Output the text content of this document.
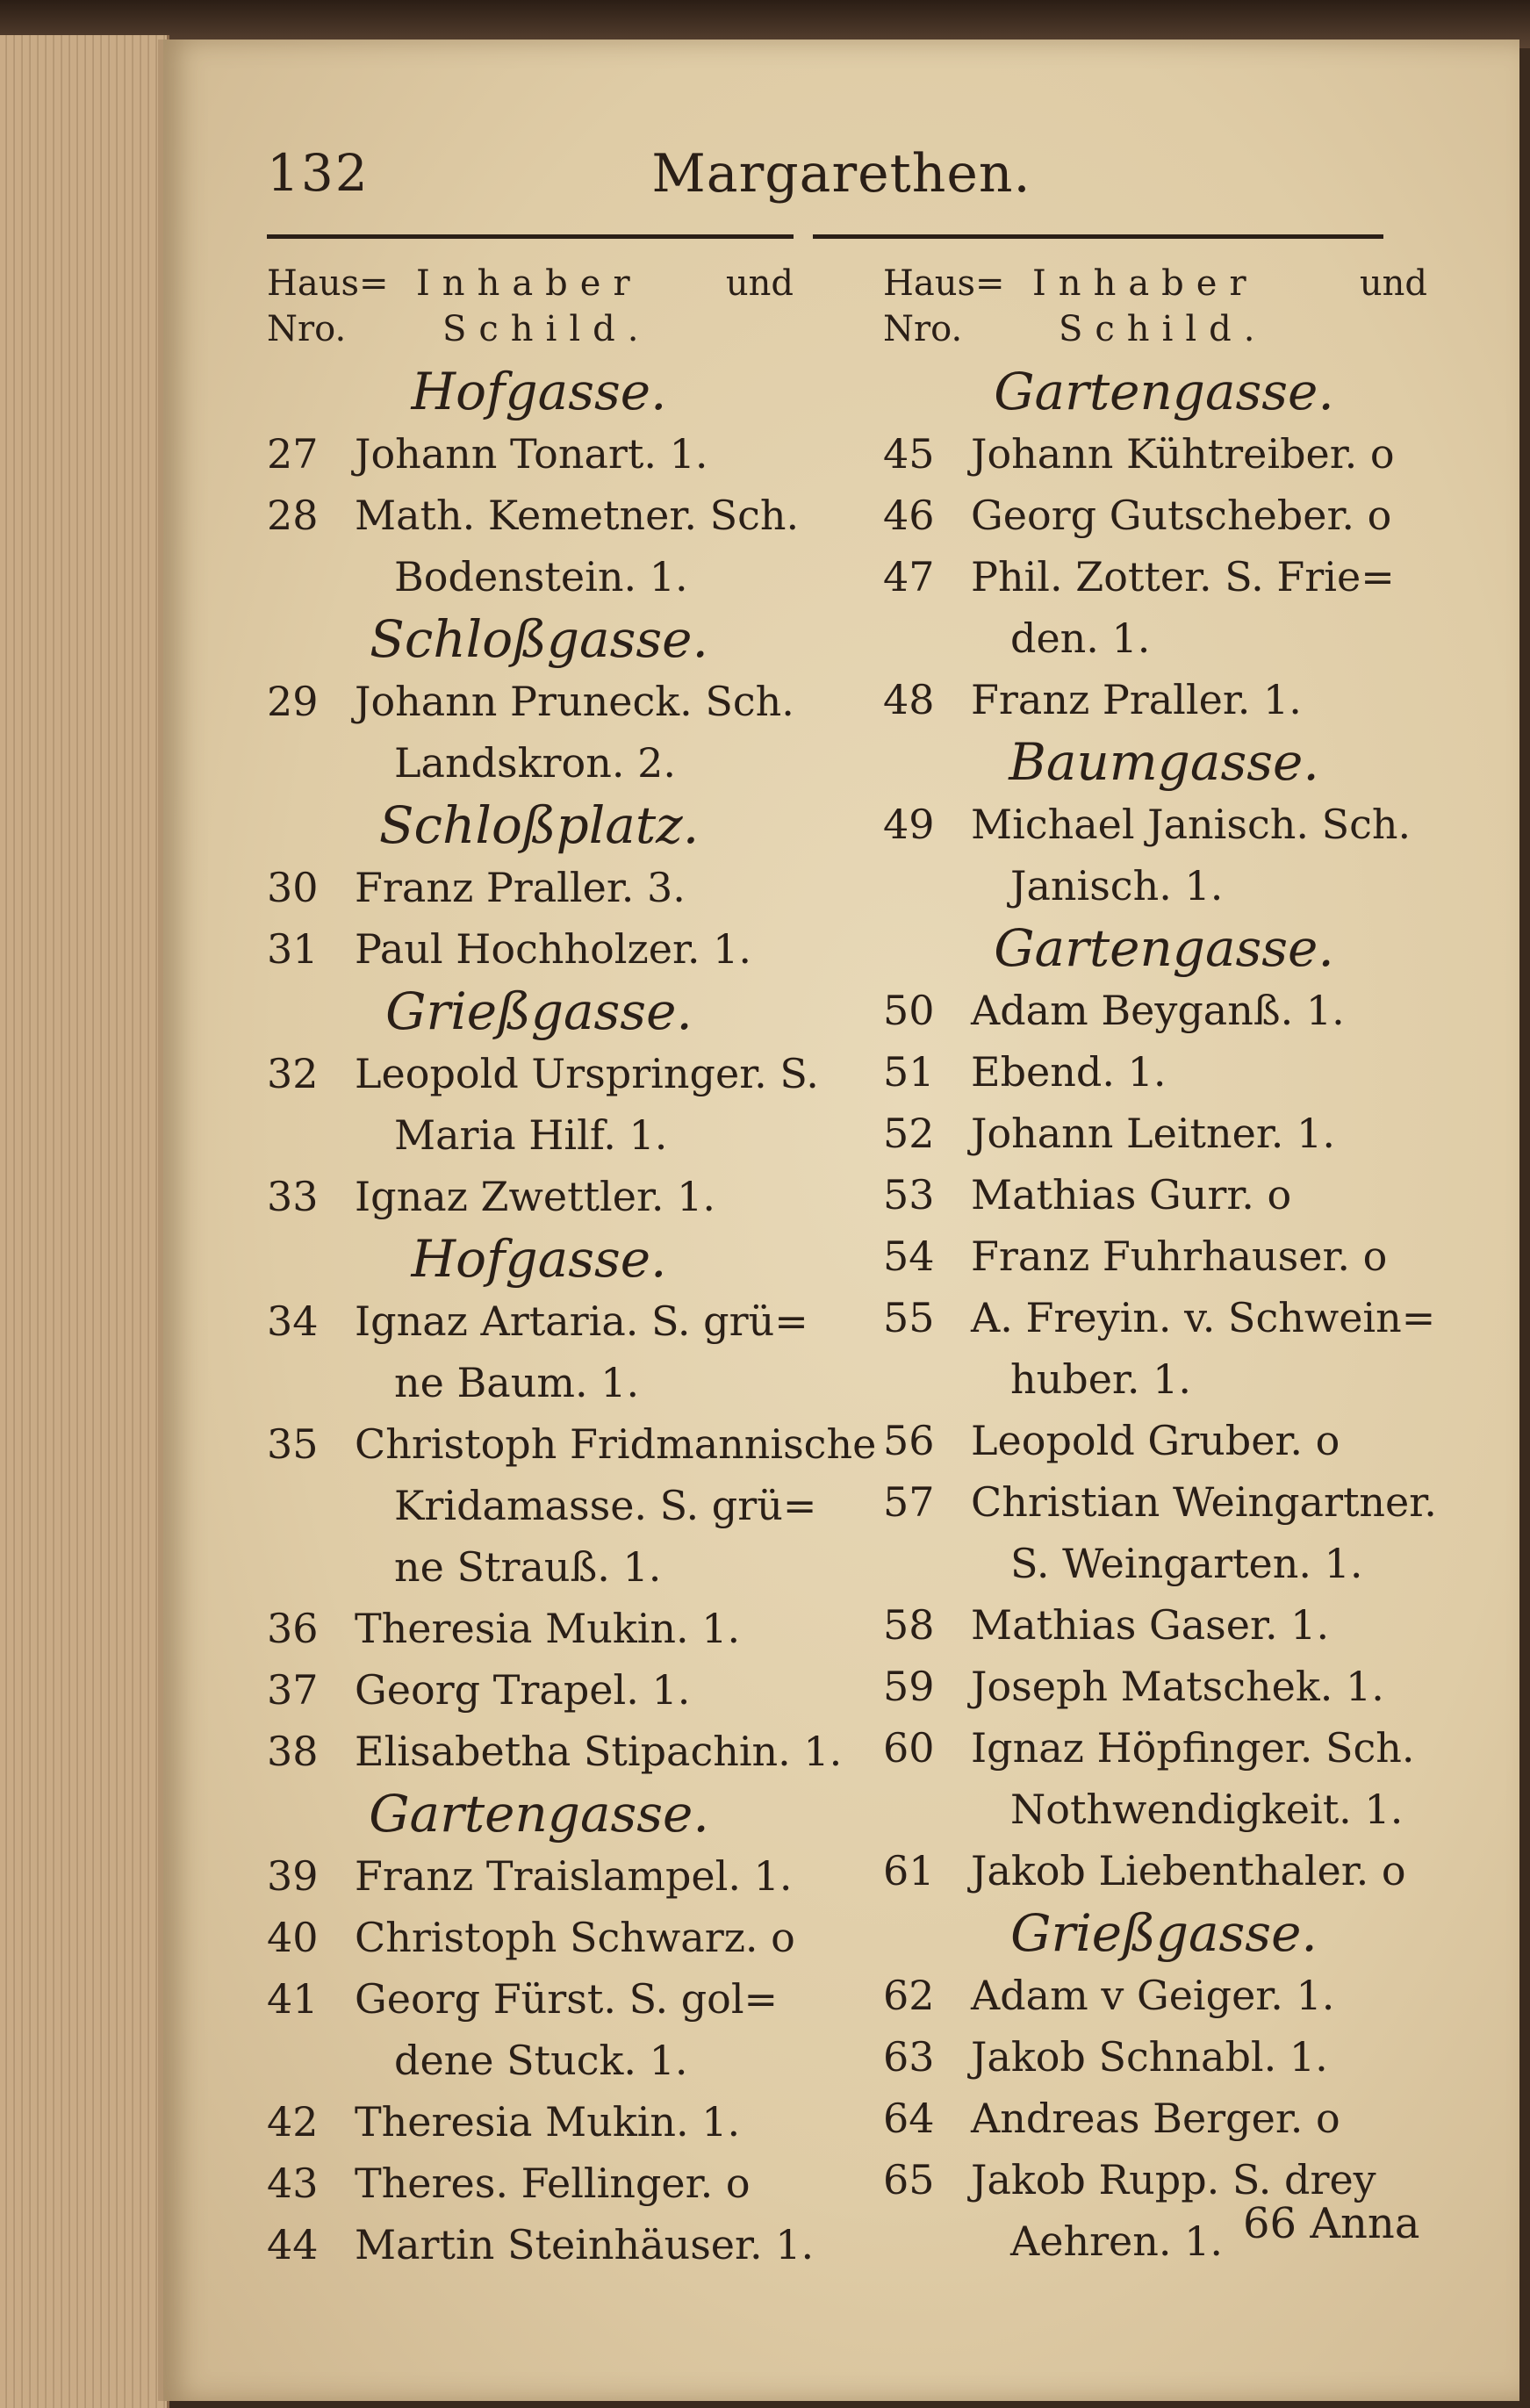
132	Margarethen.
Haus=
Nro.
Inhaber und
Schild.
Hofgasse.
27 Johann Tonart. 1.
28 Math. Kemetner. Sch.
Bodenstein. 1.
Schloßgasse.
29 Johann Pruneck. Sch.
Landskron. 2.
Schloßplatz.
30 Franz Praller. 3.
31 Paul Hochholzer. 1.
Grießgasse.
32 Leopold Urspringer. S.
Maria Hilf. 1.
33 Ignaz Zwettler. 1.
Hofgasse.
34 Ignaz Artaria. S. grü=
ne Baum. 1.
35 Christoph Fridmannische
Kridamasse. S. grü=
ne Strauß. 1.
36 Theresia Mukin. 1.
37 Georg Trapel. 1.
38 Elisabetha Stipachin. 1.
Gartengasse.
39 Franz Traislampel. 1.
40 Christoph Schwarz. o
41 Georg Fürst. S. gol=
dene Stuck. 1.
42 Theresia Mukin. 1.
43 Theres. Fellinger. o
44 Martin Steinhäuser. 1.
Haus=
Nro.
Inhaber	und
Schild.
Gartengasse.
45 Johann Kühtreiber. o
46 Georg Gutscheber. o
47 Phil. Zotter. S. Frie=
den. 1.
48 Franz Praller. 1.
Baumgasse.
49 Michael Janisch. Sch.
Janisch. 1.
Gartengasse.
50 Adam Beyganß. 1.
51 Ebend. 1.
52 Johann Leitner. 1.
53 Mathias Gurr. o
54 Franz Fuhrhauser. o
55 A. Freyin. v. Schwein=
huber. 1.
56 Leopold Gruber. o
57 Christian Weingartner.
S. Weingarten. 1.
58 Mathias Gaser. 1.
59 Joseph Matschek. 1.
60 Ignaz Höpfinger. Sch.
Nothwendigkeit. 1.
61 Jakob Liebenthaler. o
Grießgasse.
62 Adam v Geiger. 1.
63 Jakob Schnabl. 1.
64 Andreas Berger. o
65 Jakob Rupp. S. drey
Aehren. 1. 66 Anna
